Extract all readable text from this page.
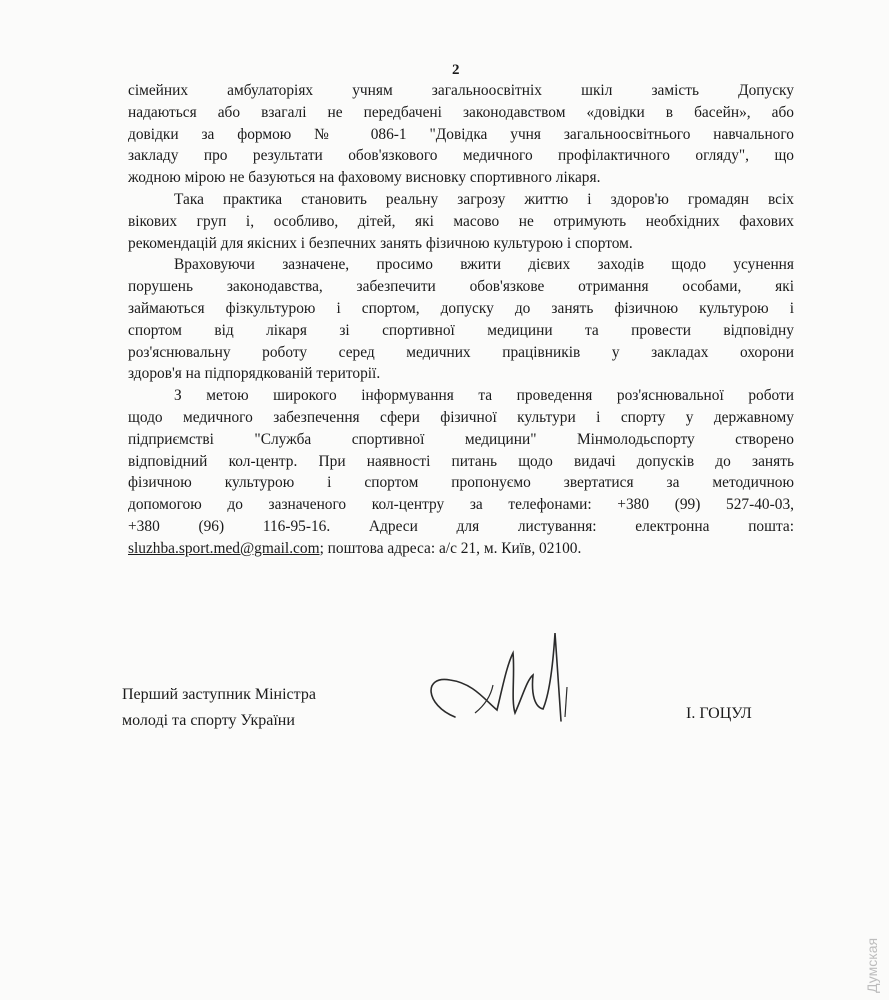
2
сімейних амбулаторіях учням загальноосвітніх шкіл замість Допуску
надаються або взагалі не передбачені законодавством «довідки в басейн», або
довідки за формою № 086-1 "Довідка учня загальноосвітнього навчального
закладу про результати обов'язкового медичного профілактичного огляду", що
жодною мірою не базуються на фаховому висновку спортивного лікаря.
Така практика становить реальну загрозу життю і здоров'ю громадян всіх
вікових груп і, особливо, дітей, які масово не отримують необхідних фахових
рекомендацій для якісних і безпечних занять фізичною культурою і спортом.
Враховуючи зазначене, просимо вжити дієвих заходів щодо усунення
порушень законодавства, забезпечити обов'язкове отримання особами, які
займаються фізкультурою і спортом, допуску до занять фізичною культурою і
спортом від лікаря зі спортивної медицини та провести відповідну
роз'яснювальну роботу серед медичних працівників у закладах охорони
здоров'я на підпорядкованій території.
З метою широкого інформування та проведення роз'яснювальної роботи
щодо медичного забезпечення сфери фізичної культури і спорту у державному
підприємстві "Служба спортивної медицини" Мінмолодьспорту створено
відповідний кол-центр. При наявності питань щодо видачі допусків до занять
фізичною культурою і спортом пропонуємо звертатися за методичною
допомогою до зазначеного кол-центру за телефонами: +380 (99) 527-40-03,
+380 (96) 116-95-16. Адреси для листування: електронна пошта:
sluzhba.sport.med@gmail.com; поштова адреса: а/с 21, м. Київ, 02100.
Перший заступник Міністра
молоді та спорту України	І. ГОЦУЛ
Думская
